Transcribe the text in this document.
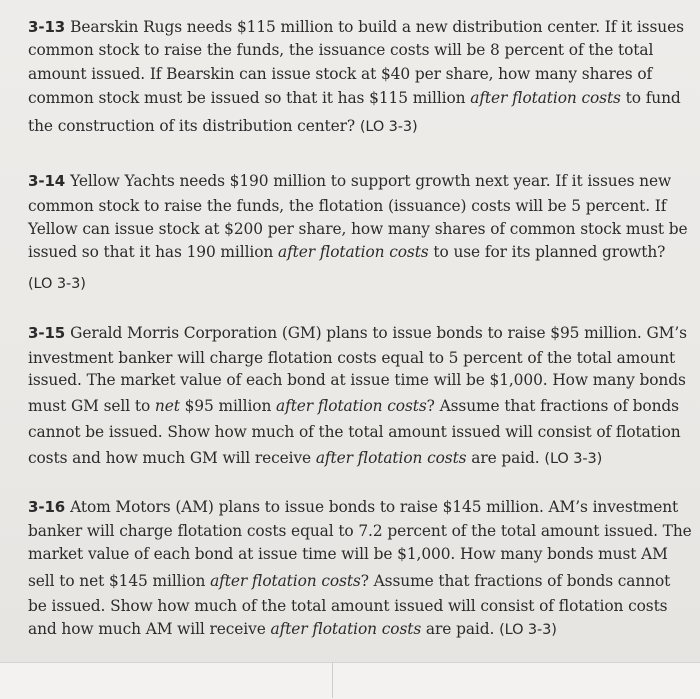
3-13 Bearskin Rugs needs $115 million to build a new distribution center. If it issues
common stock to raise the funds, the issuance costs will be 8 percent of the total
amount issued. If Bearskin can issue stock at $40 per share, how many shares of
common stock must be issued so that it has $115 million after flotation costs to fund
the construction of its distribution center? (LO 3-3)
3-14 Yellow Yachts needs $190 million to support growth next year. If it issues new
common stock to raise the funds, the flotation (issuance) costs will be 5 percent. If
Yellow can issue stock at $200 per share, how many shares of common stock must be
issued so that it has 190 million after flotation costs to use for its planned growth?
(LO 3-3)
3-15 Gerald Morris Corporation (GM) plans to issue bonds to raise $95 million. GM’s
investment banker will charge flotation costs equal to 5 percent of the total amount
issued. The market value of each bond at issue time will be $1,000. How many bonds
must GM sell to net $95 million after flotation costs? Assume that fractions of bonds
cannot be issued. Show how much of the total amount issued will consist of flotation
costs and how much GM will receive after flotation costs are paid. (LO 3-3)
3-16 Atom Motors (AM) plans to issue bonds to raise $145 million. AM’s investment
banker will charge flotation costs equal to 7.2 percent of the total amount issued. The
market value of each bond at issue time will be $1,000. How many bonds must AM
sell to net $145 million after flotation costs? Assume that fractions of bonds cannot
be issued. Show how much of the total amount issued will consist of flotation costs
and how much AM will receive after flotation costs are paid. (LO 3-3)
